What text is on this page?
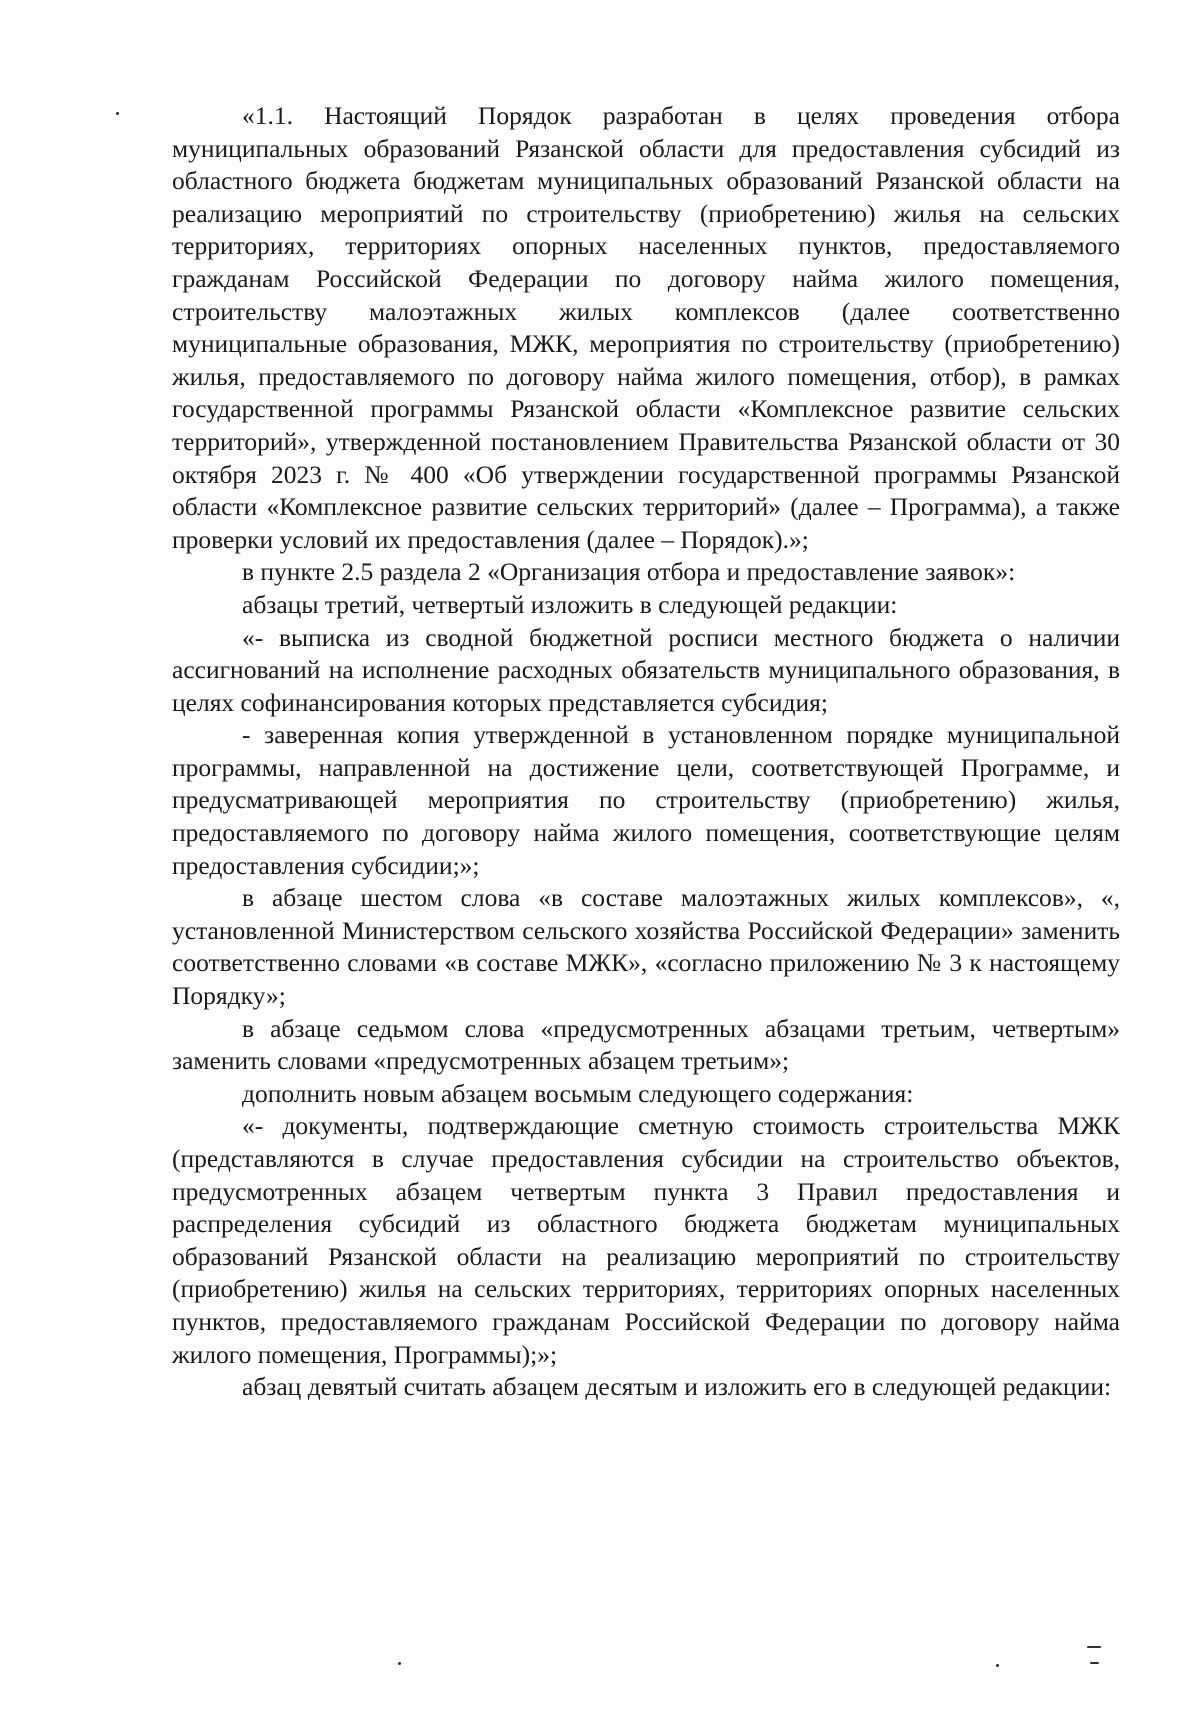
«1.1. Настоящий Порядок разработан в целях проведения отбора муниципальных образований Рязанской области для предоставления субсидий из областного бюджета бюджетам муниципальных образований Рязанской области на реализацию мероприятий по строительству (приобретению) жилья на сельских территориях, территориях опорных населенных пунктов, предоставляемого гражданам Российской Федерации по договору найма жилого помещения, строительству малоэтажных жилых комплексов (далее соответственно муниципальные образования, МЖК, мероприятия по строительству (приобретению) жилья, предоставляемого по договору найма жилого помещения, отбор), в рамках государственной программы Рязанской области «Комплексное развитие сельских территорий», утвержденной постановлением Правительства Рязанской области от 30 октября 2023 г. № 400 «Об утверждении государственной программы Рязанской области «Комплексное развитие сельских территорий» (далее – Программа), а также проверки условий их предоставления (далее – Порядок).»;

в пункте 2.5 раздела 2 «Организация отбора и предоставление заявок»:

абзацы третий, четвертый изложить в следующей редакции:

«- выписка из сводной бюджетной росписи местного бюджета о наличии ассигнований на исполнение расходных обязательств муниципального образования, в целях софинансирования которых представляется субсидия;

- заверенная копия утвержденной в установленном порядке муниципальной программы, направленной на достижение цели, соответствующей Программе, и предусматривающей мероприятия по строительству (приобретению) жилья, предоставляемого по договору найма жилого помещения, соответствующие целям предоставления субсидии;»;

в абзаце шестом слова «в составе малоэтажных жилых комплексов», «, установленной Министерством сельского хозяйства Российской Федерации» заменить соответственно словами «в составе МЖК», «согласно приложению № 3 к настоящему Порядку»;

в абзаце седьмом слова «предусмотренных абзацами третьим, четвертым» заменить словами «предусмотренных абзацем третьим»;

дополнить новым абзацем восьмым следующего содержания:

«- документы, подтверждающие сметную стоимость строительства МЖК (представляются в случае предоставления субсидии на строительство объектов, предусмотренных абзацем четвертым пункта 3 Правил предоставления и распределения субсидий из областного бюджета бюджетам муниципальных образований Рязанской области на реализацию мероприятий по строительству (приобретению) жилья на сельских территориях, территориях опорных населенных пунктов, предоставляемого гражданам Российской Федерации по договору найма жилого помещения, Программы);»;

абзац девятый считать абзацем десятым и изложить его в следующей редакции:
